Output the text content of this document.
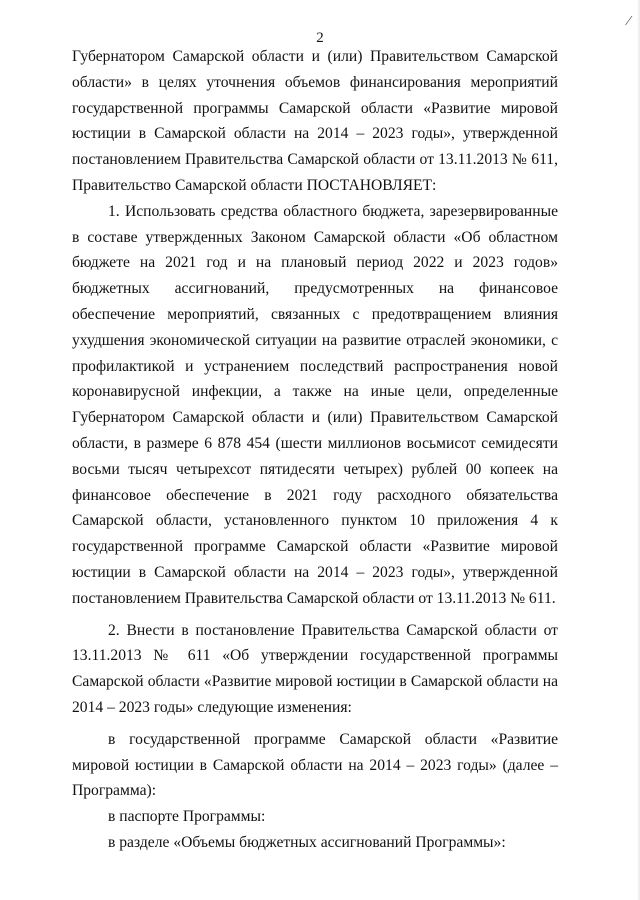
2
∕

Губернатором Самарской области и (или) Правительством Самарской области» в целях уточнения объемов финансирования мероприятий государственной программы Самарской области «Развитие мировой юстиции в Самарской области на 2014 – 2023 годы», утвержденной постановлением Правительства Самарской области от 13.11.2013 № 611, Правительство Самарской области ПОСТАНОВЛЯЕТ:

1. Использовать средства областного бюджета, зарезервированные в составе утвержденных Законом Самарской области «Об областном бюджете на 2021 год и на плановый период 2022 и 2023 годов» бюджетных ассигнований, предусмотренных на финансовое обеспечение мероприятий, связанных с предотвращением влияния ухудшения экономической ситуации на развитие отраслей экономики, с профилактикой и устранением последствий распространения новой коронавирусной инфекции, а также на иные цели, определенные Губернатором Самарской области и (или) Правительством Самарской области, в размере 6 878 454 (шести миллионов восьмисот семидесяти восьми тысяч четырехсот пятидесяти четырех) рублей 00 копеек на финансовое обеспечение в 2021 году расходного обязательства Самарской области, установленного пунктом 10 приложения 4 к государственной программе Самарской области «Развитие мировой юстиции в Самарской области на 2014 – 2023 годы», утвержденной постановлением Правительства Самарской области от 13.11.2013 № 611.

2. Внести в постановление Правительства Самарской области от 13.11.2013 № 611 «Об утверждении государственной программы Самарской области «Развитие мировой юстиции в Самарской области на 2014 – 2023 годы» следующие изменения:

в государственной программе Самарской области «Развитие мировой юстиции в Самарской области на 2014 – 2023 годы» (далее – Программа):

в паспорте Программы:

в разделе «Объемы бюджетных ассигнований Программы»:
